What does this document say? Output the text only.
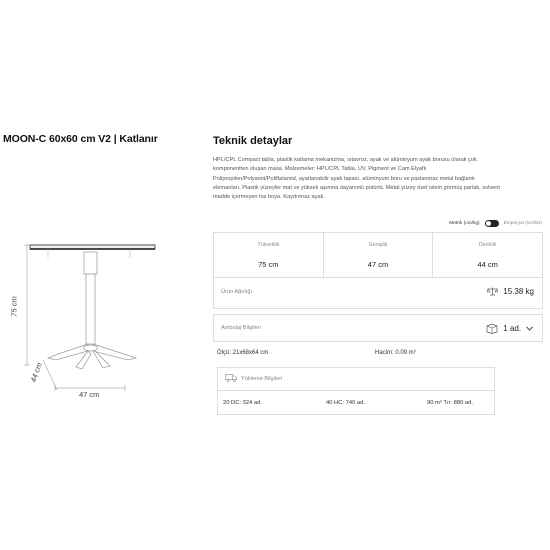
MOON-C 60x60 cm V2 | Katlanır
75 cm
44 cm
47 cm
Teknik detaylar
HPL/CPL Compact tabla, plastik katlama mekanizma, ıstavroz, ayak ve alüminyum ayak borusu olarak çok
komponentten oluşan masa. Malzemeler: HPL/CPL Tabla, UV, Pigment ve Cam Elyaflı
Polipropilen/Polyamit/Poliftalamid, ayarlanabilir ayak tapası, alüminyum boru ve paslanmaz metal bağlantı
elemanları. Plastik yüzeyler mat ve yüksek aşınma dayanımlı pütürlü. Metal yüzey özel islem görmüş parlak, solvent
madde içermeyen toz boya. Kaydırmaz ayak.
Metrik (cm/kg)	Emperyal (inc/lbs)
Yükseklik
75 cm
Genişlik
47 cm
Derinlik
44 cm
Ürün Ağırlığı	15.38 kg
Ambalaj Bilgileri	1 ad.
Ölçü: 21x68x64 cm	Hacim: 0.09 m³
Yükleme Bilgileri
20 DC: 324 ad.	40 HC: 740 ad.	90 m³ Tır: 880 ad.
